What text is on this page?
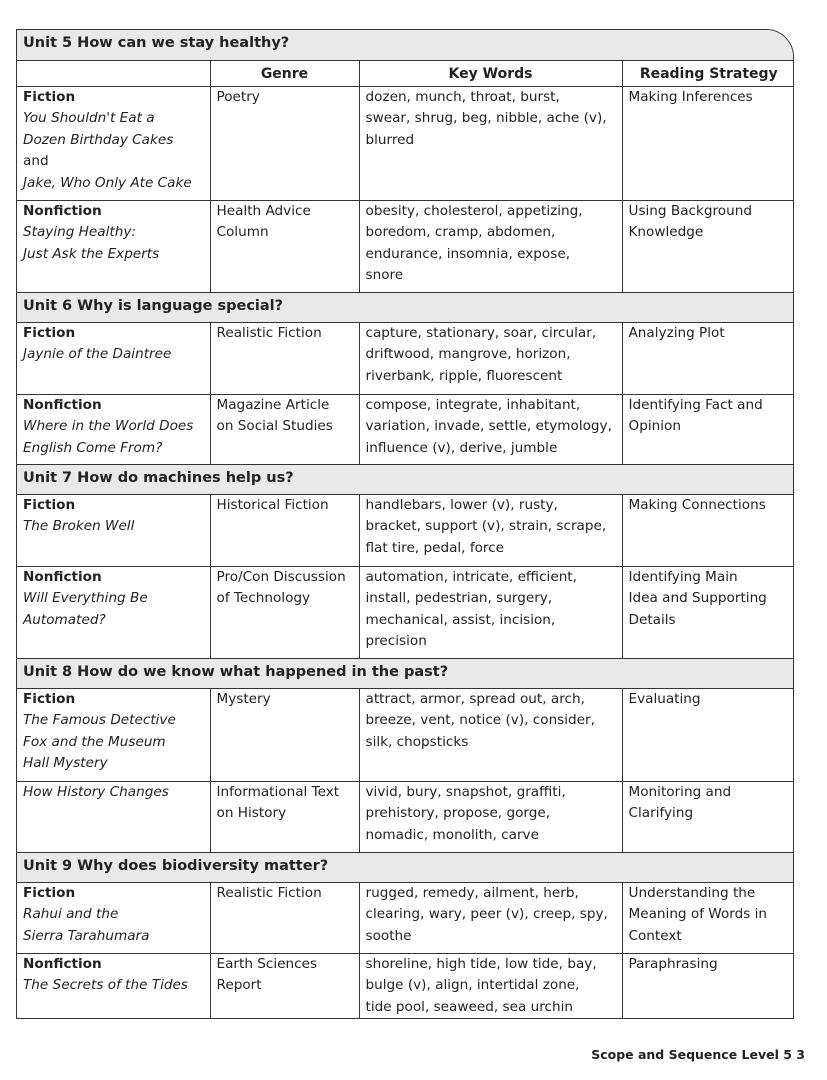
Unit 5 How can we stay healthy?			
	Genre	Key Words	Reading Strategy

Fiction
You Shouldn't Eat a
Dozen Birthday Cakes
and
Jake, Who Only Ate Cake	Poetry	dozen, munch, throat, burst,
swear, shrug, beg, nibble, ache (v),
blurred	Making Inferences

Nonfiction
Staying Healthy:
Just Ask the Experts	Health Advice
Column	obesity, cholesterol, appetizing,
boredom, cramp, abdomen,
endurance, insomnia, expose,
snore	Using Background
Knowledge

Unit 6 Why is language special?			

Fiction
Jaynie of the Daintree	Realistic Fiction	capture, stationary, soar, circular,
driftwood, mangrove, horizon,
riverbank, ripple, fluorescent	Analyzing Plot

Nonfiction
Where in the World Does
English Come From?	Magazine Article
on Social Studies	compose, integrate, inhabitant,
variation, invade, settle, etymology,
influence (v), derive, jumble	Identifying Fact and
Opinion

Unit 7 How do machines help us?			

Fiction
The Broken Well	Historical Fiction	handlebars, lower (v), rusty,
bracket, support (v), strain, scrape,
flat tire, pedal, force	Making Connections

Nonfiction
Will Everything Be
Automated?	Pro/Con Discussion
of Technology	automation, intricate, efficient,
install, pedestrian, surgery,
mechanical, assist, incision,
precision	Identifying Main
Idea and Supporting
Details

Unit 8 How do we know what happened in the past?			

Fiction
The Famous Detective
Fox and the Museum
Hall Mystery	Mystery	attract, armor, spread out, arch,
breeze, vent, notice (v), consider,
silk, chopsticks	Evaluating

How History Changes	Informational Text
on History	vivid, bury, snapshot, graffiti,
prehistory, propose, gorge,
nomadic, monolith, carve	Monitoring and
Clarifying

Unit 9 Why does biodiversity matter?			

Fiction
Rahui and the
Sierra Tarahumara	Realistic Fiction	rugged, remedy, ailment, herb,
clearing, wary, peer (v), creep, spy,
soothe	Understanding the
Meaning of Words in
Context

Nonfiction
The Secrets of the Tides	Earth Sciences
Report	shoreline, high tide, low tide, bay,
bulge (v), align, intertidal zone,
tide pool, seaweed, sea urchin	Paraphrasing
Scope and Sequence Level 5 3
